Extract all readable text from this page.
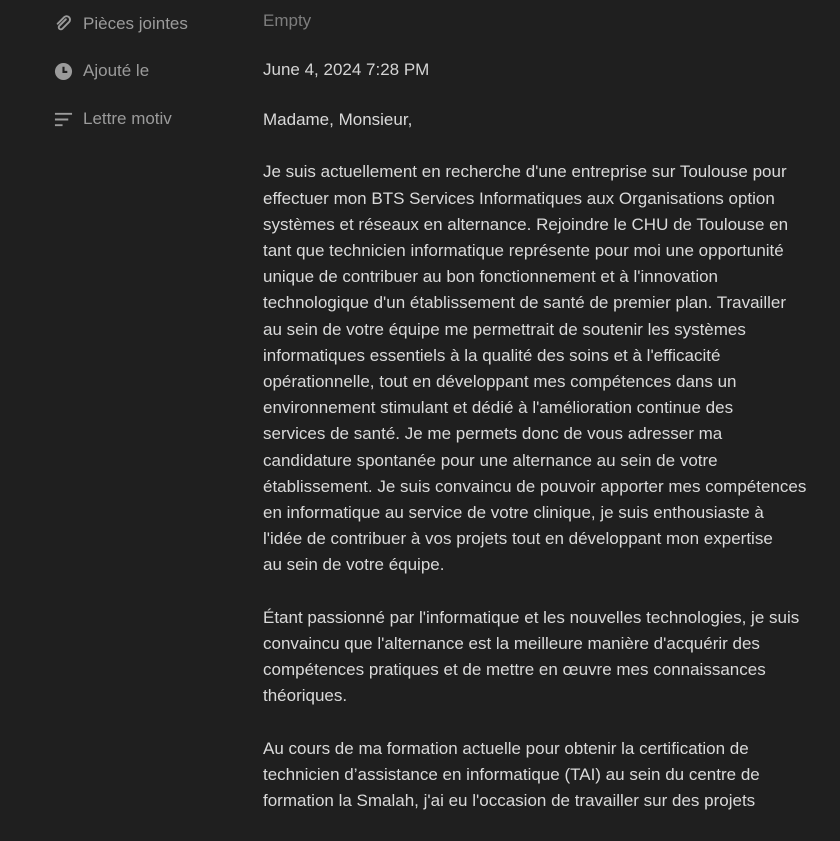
Pièces jointes	Empty
Ajouté le	June 4, 2024 7:28 PM
Lettre motiv	Madame, Monsieur,
Je suis actuellement en recherche d'une entreprise sur Toulouse pour
effectuer mon BTS Services Informatiques aux Organisations option
systèmes et réseaux en alternance. Rejoindre le CHU de Toulouse en
tant que technicien informatique représente pour moi une opportunité
unique de contribuer au bon fonctionnement et à l'innovation
technologique d'un établissement de santé de premier plan. Travailler
au sein de votre équipe me permettrait de soutenir les systèmes
informatiques essentiels à la qualité des soins et à l'efficacité
opérationnelle, tout en développant mes compétences dans un
environnement stimulant et dédié à l'amélioration continue des
services de santé. Je me permets donc de vous adresser ma
candidature spontanée pour une alternance au sein de votre
établissement. Je suis convaincu de pouvoir apporter mes compétences
en informatique au service de votre clinique, je suis enthousiaste à
l'idée de contribuer à vos projets tout en développant mon expertise
au sein de votre équipe.
Étant passionné par l'informatique et les nouvelles technologies, je suis
convaincu que l'alternance est la meilleure manière d'acquérir des
compétences pratiques et de mettre en œuvre mes connaissances
théoriques.
Au cours de ma formation actuelle pour obtenir la certification de
technicien d’assistance en informatique (TAI) au sein du centre de
formation la Smalah, j'ai eu l'occasion de travailler sur des projets
